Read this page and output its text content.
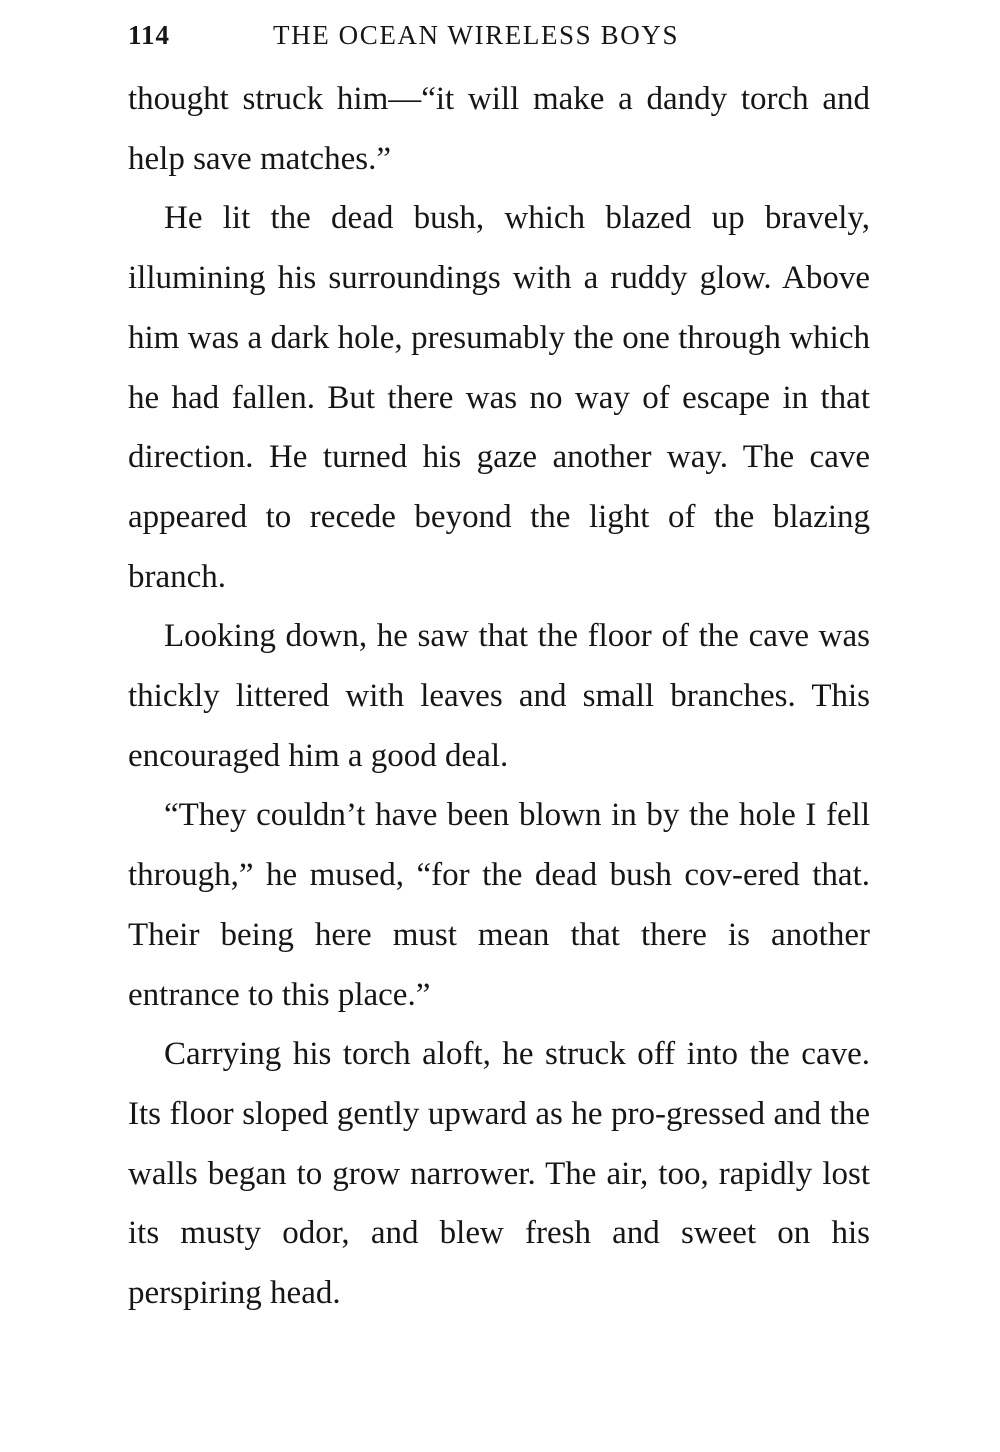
114	THE OCEAN WIRELESS BOYS

thought struck him—“it will make a dandy torch and help save matches.”

He lit the dead bush, which blazed up bravely, illumining his surroundings with a ruddy glow. Above him was a dark hole, presumably the one through which he had fallen. But there was no way of escape in that direction. He turned his gaze another way. The cave appeared to recede beyond the light of the blazing branch.

Looking down, he saw that the floor of the cave was thickly littered with leaves and small branches. This encouraged him a good deal.

“They couldn’t have been blown in by the hole I fell through,” he mused, “for the dead bush cov-ered that. Their being here must mean that there is another entrance to this place.”

Carrying his torch aloft, he struck off into the cave. Its floor sloped gently upward as he pro-gressed and the walls began to grow narrower. The air, too, rapidly lost its musty odor, and blew fresh and sweet on his perspiring head.
